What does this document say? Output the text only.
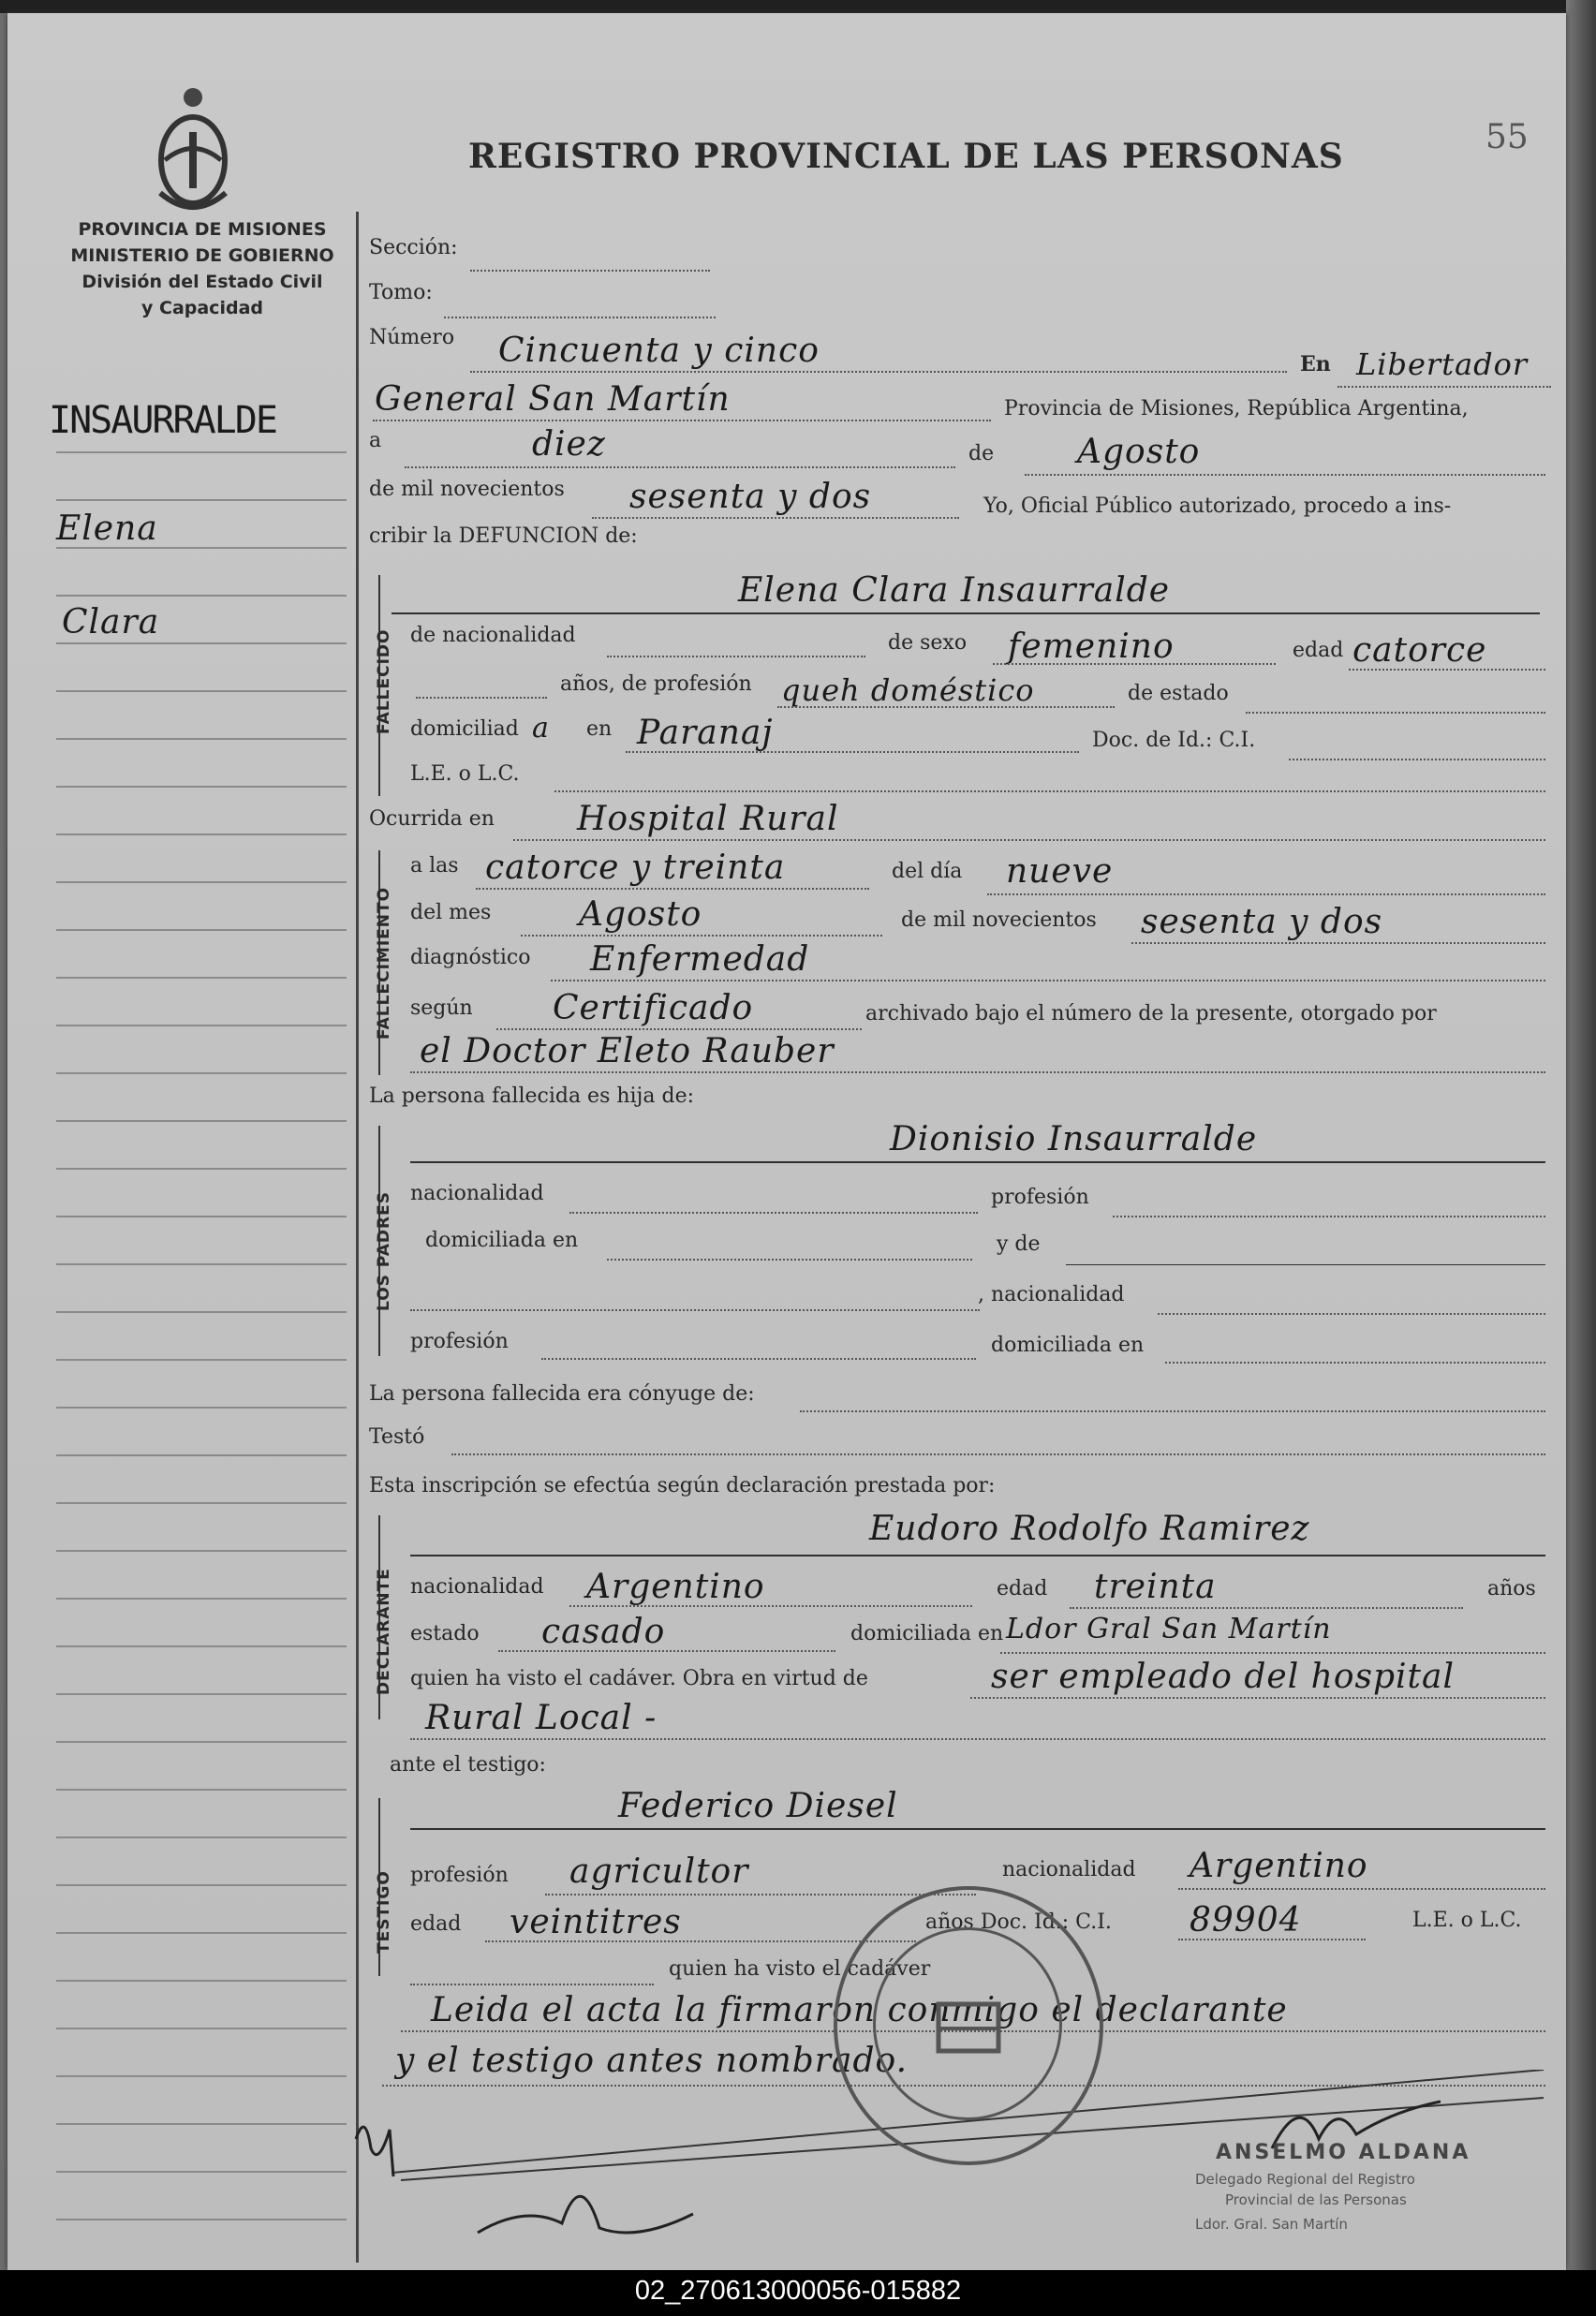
55
REGISTRO PROVINCIAL DE LAS PERSONAS
PROVINCIA DE MISIONES
MINISTERIO DE GOBIERNO
División del Estado Civil
y Capacidad
INSAURRALDE
Elena
Clara
Sección:
Tomo:
Número Cincuenta y cinco	En Libertador
General San Martín	Provincia de Misiones, República Argentina,
a	diez	de Agosto
de mil novecientos sesenta y dos	Yo, Oficial Público autorizado, procedo a ins-
cribir la DEFUNCION de:
FALLECIDO
Elena Clara Insaurralde
de nacionalidad	de sexo femenino	edad catorce
años, de profesión queh doméstico	de estado
domiciliad a en Paranaj	Doc. de Id.: C.I.
L.E. o L.C.
Ocurrida en Hospital Rural
FALLECIMIENTO
a las catorce y treinta	del día nueve
del mes	Agosto	de mil novecientos sesenta y dos
diagnóstico Enfermedad
según Certificado	archivado bajo el número de la presente, otorgado por
el Doctor Eleto Rauber
La persona fallecida es hija de:
LOS PADRES
Dionisio Insaurralde
nacionalidad	profesión
domiciliada en	y de
, nacionalidad
profesión	domiciliada en
La persona fallecida era cónyuge de:
Testó
Esta inscripción se efectúa según declaración prestada por:
DECLARANTE
Eudoro Rodolfo Ramirez
nacionalidad Argentino	edad treinta	años
estado casado	domiciliada en Ldor Gral San Martín
quien ha visto el cadáver. Obra en virtud de	ser empleado del hospital
Rural Local -
ante el testigo:
TESTIGO
Federico Diesel
profesión agricultor	nacionalidad Argentino
edad veintitres	años Doc. Id.: C.I. 89904	L.E. o L.C.
quien ha visto el cadáver
Leida el acta la firmaron conmigo el declarante
y el testigo antes nombrado.
ANSELMO ALDANA
Delegado Regional del Registro
Provincial de las Personas
Ldor. Gral. San Martín
02_270613000056-015882
